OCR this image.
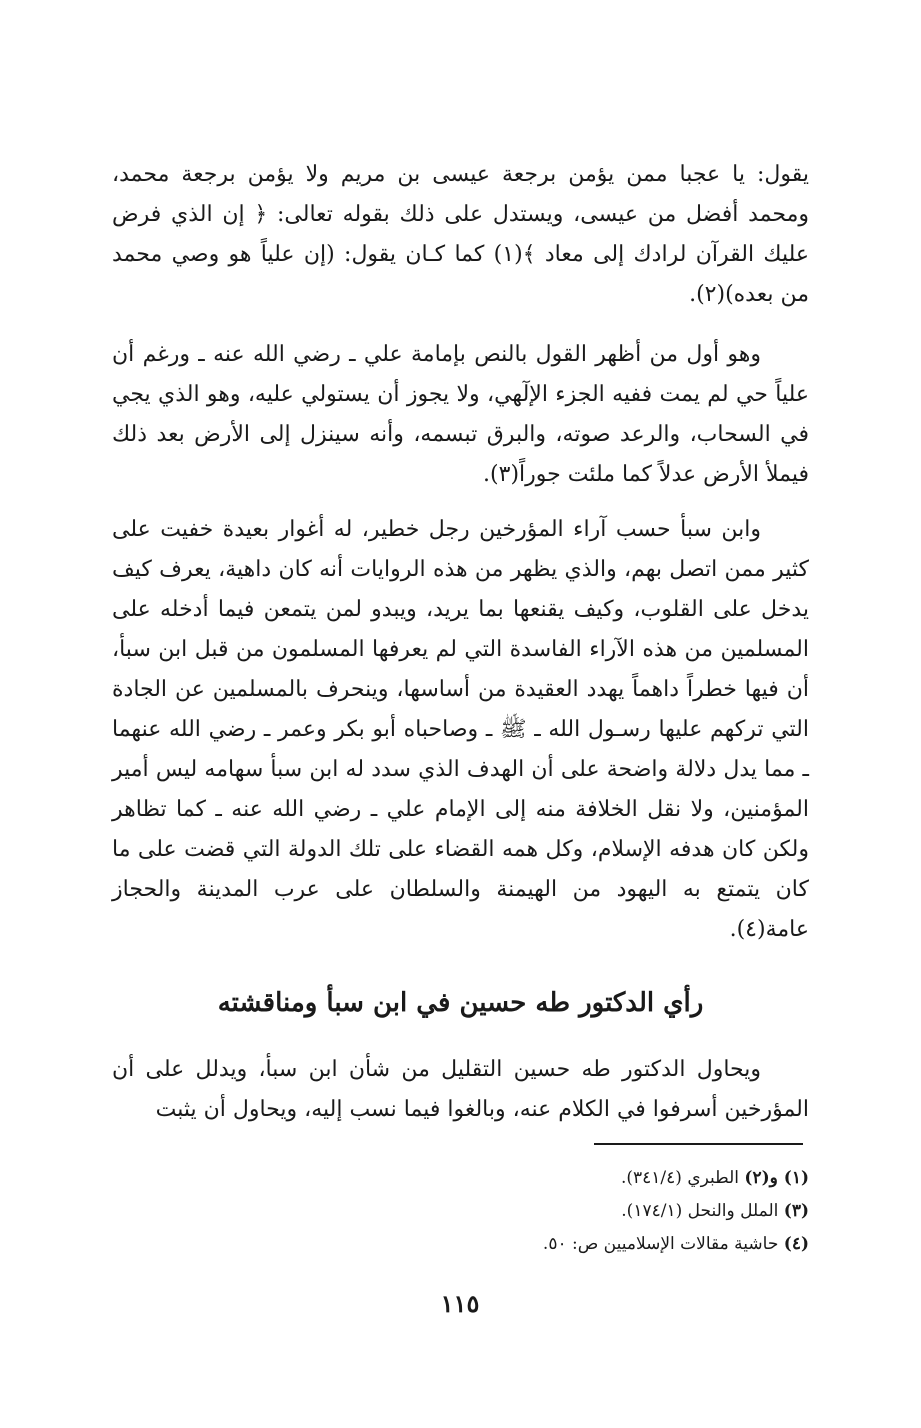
يقول: يا عجبا ممن يؤمن برجعة عيسى بن مريم ولا يؤمن برجعة محمد، ومحمد أفضل من عيسى، ويستدل على ذلك بقوله تعالى: ﴿ إن الذي فرض عليك القرآن لرادك إلى معاد ﴾(١) كما كـان يقول: (إن علياً هو وصي محمد من بعده)(٢).

وهو أول من أظهر القول بالنص بإمامة علي ـ رضي الله عنه ـ ورغم أن علياً حي لم يمت ففيه الجزء الإلٓهي، ولا يجوز أن يستولي عليه، وهو الذي يجي في السحاب، والرعد صوته، والبرق تبسمه، وأنه سينزل إلى الأرض بعد ذلك فيملأ الأرض عدلاً كما ملئت جوراً(٣).

وابن سبأ حسب آراء المؤرخين رجل خطير، له أغوار بعيدة خفيت على كثير ممن اتصل بهم، والذي يظهر من هذه الروايات أنه كان داهية، يعرف كيف يدخل على القلوب، وكيف يقنعها بما يريد، ويبدو لمن يتمعن فيما أدخله على المسلمين من هذه الآراء الفاسدة التي لم يعرفها المسلمون من قبل ابن سبأ، أن فيها خطراً داهماً يهدد العقيدة من أساسها، وينحرف بالمسلمين عن الجادة التي تركهم عليها رسـول الله ـ ﷺ ـ وصاحباه أبو بكر وعمر ـ رضي الله عنهما ـ مما يدل دلالة واضحة على أن الهدف الذي سدد له ابن سبأ سهامه ليس أمير المؤمنين، ولا نقل الخلافة منه إلى الإمام علي ـ رضي الله عنه ـ كما تظاهر ولكن كان هدفه الإسلام، وكل همه القضاء على تلك الدولة التي قضت على ما كان يتمتع به اليهود من الهيمنة والسلطان على عرب المدينة والحجاز عامة(٤).

رأي الدكتور طه حسين في ابن سبأ ومناقشته

ويحاول الدكتور طه حسين التقليل من شأن ابن سبأ، ويدلل على أن المؤرخين أسرفوا في الكلام عنه، وبالغوا فيما نسب إليه، ويحاول أن يثبت

(١) و(٢) الطبري (٣٤١/٤).
(٣) الملل والنحل (١٧٤/١).
(٤) حاشية مقالات الإسلاميين ص: ٥٠.
١١٥
